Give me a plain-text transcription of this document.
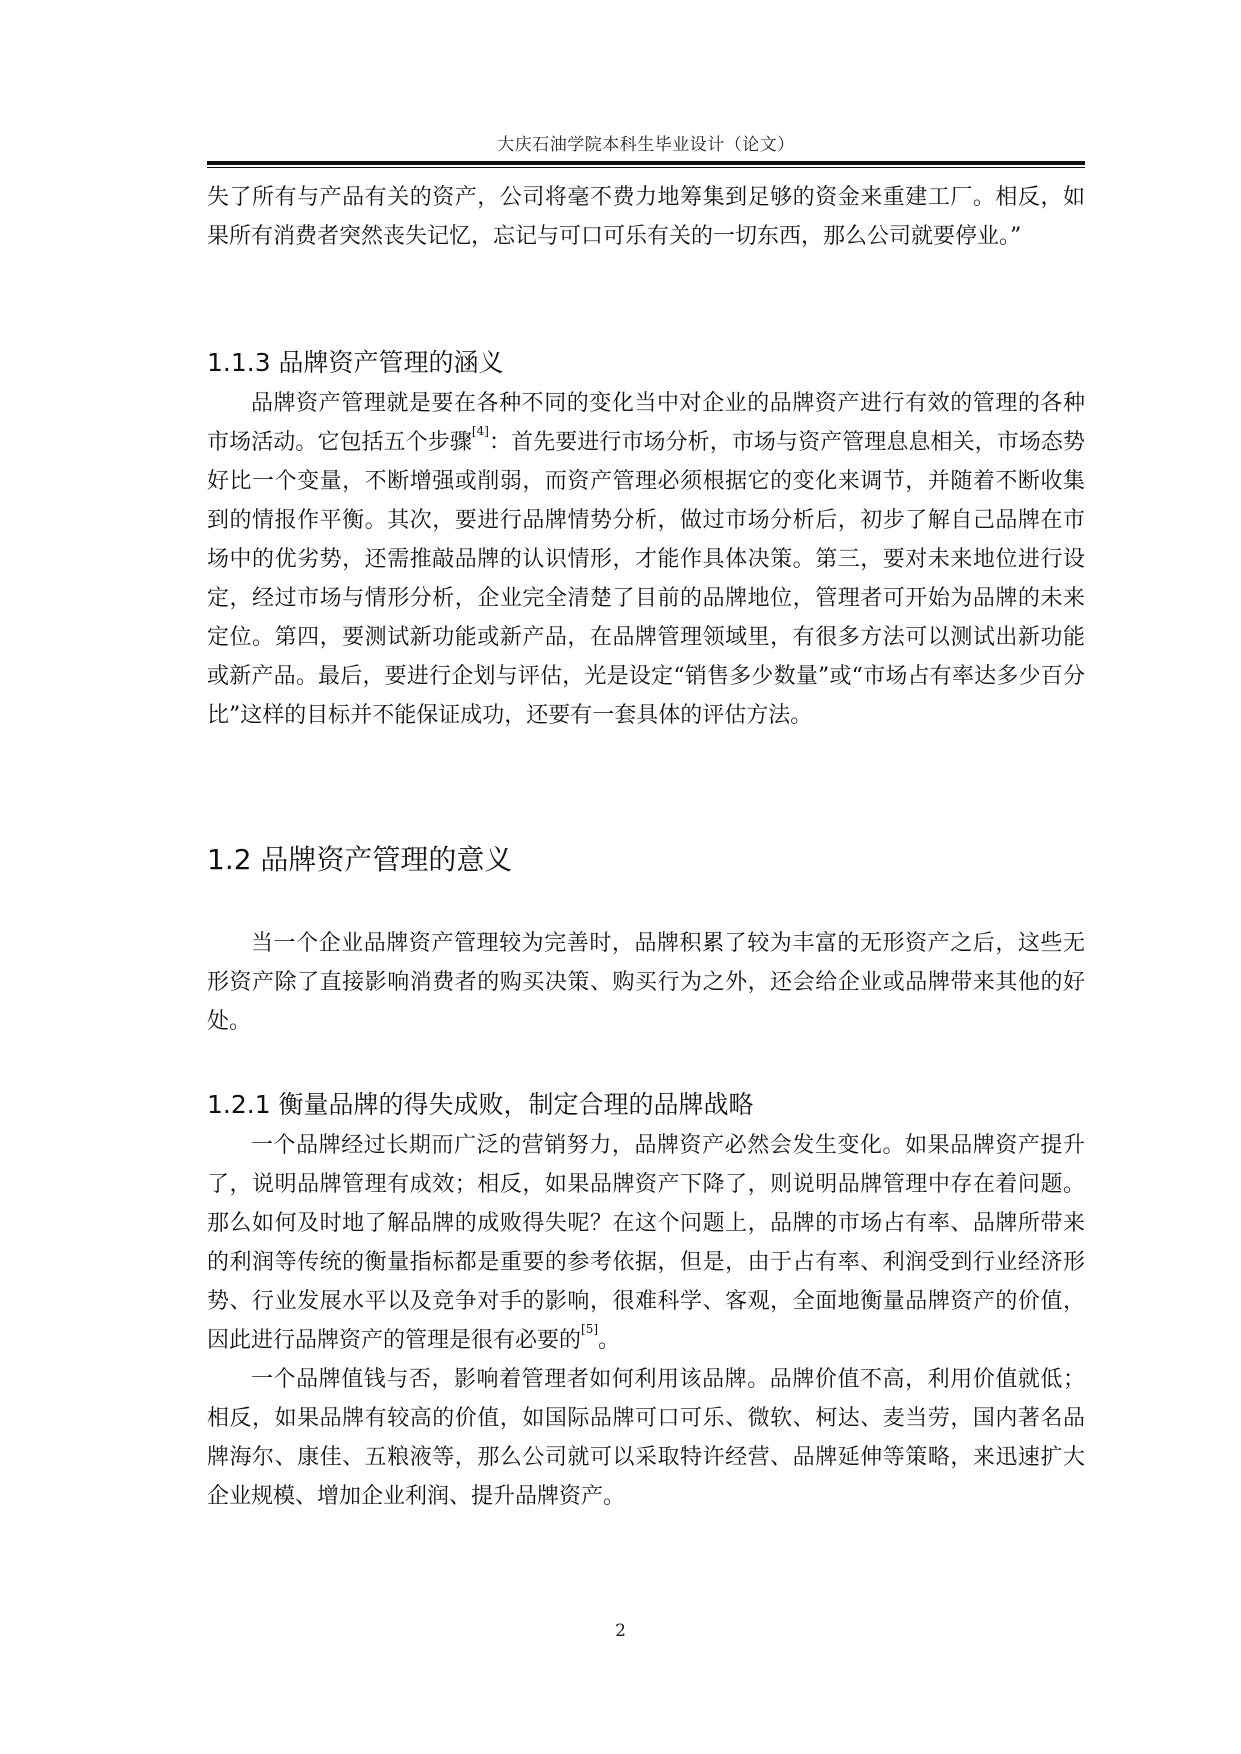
大庆石油学院本科生毕业设计（论文）

失了所有与产品有关的资产，公司将毫不费力地筹集到足够的资金来重建工厂。相反，如果所有消费者突然丧失记忆，忘记与可口可乐有关的一切东西，那么公司就要停业。”

1.1.3 品牌资产管理的涵义

品牌资产管理就是要在各种不同的变化当中对企业的品牌资产进行有效的管理的各种市场活动。它包括五个步骤[4]：首先要进行市场分析，市场与资产管理息息相关，市场态势好比一个变量，不断增强或削弱，而资产管理必须根据它的变化来调节，并随着不断收集到的情报作平衡。其次，要进行品牌情势分析，做过市场分析后，初步了解自己品牌在市场中的优劣势，还需推敲品牌的认识情形，才能作具体决策。第三，要对未来地位进行设定，经过市场与情形分析，企业完全清楚了目前的品牌地位，管理者可开始为品牌的未来定位。第四，要测试新功能或新产品，在品牌管理领域里，有很多方法可以测试出新功能或新产品。最后，要进行企划与评估，光是设定“销售多少数量”或“市场占有率达多少百分比”这样的目标并不能保证成功，还要有一套具体的评估方法。

1.2 品牌资产管理的意义

当一个企业品牌资产管理较为完善时，品牌积累了较为丰富的无形资产之后，这些无形资产除了直接影响消费者的购买决策、购买行为之外，还会给企业或品牌带来其他的好处。

1.2.1 衡量品牌的得失成败，制定合理的品牌战略

一个品牌经过长期而广泛的营销努力，品牌资产必然会发生变化。如果品牌资产提升了，说明品牌管理有成效；相反，如果品牌资产下降了，则说明品牌管理中存在着问题。那么如何及时地了解品牌的成败得失呢？在这个问题上，品牌的市场占有率、品牌所带来的利润等传统的衡量指标都是重要的参考依据，但是，由于占有率、利润受到行业经济形势、行业发展水平以及竞争对手的影响，很难科学、客观，全面地衡量品牌资产的价值，因此进行品牌资产的管理是很有必要的[5]。

一个品牌值钱与否，影响着管理者如何利用该品牌。品牌价值不高，利用价值就低；相反，如果品牌有较高的价值，如国际品牌可口可乐、微软、柯达、麦当劳，国内著名品牌海尔、康佳、五粮液等，那么公司就可以采取特许经营、品牌延伸等策略，来迅速扩大企业规模、增加企业利润、提升品牌资产。

2
